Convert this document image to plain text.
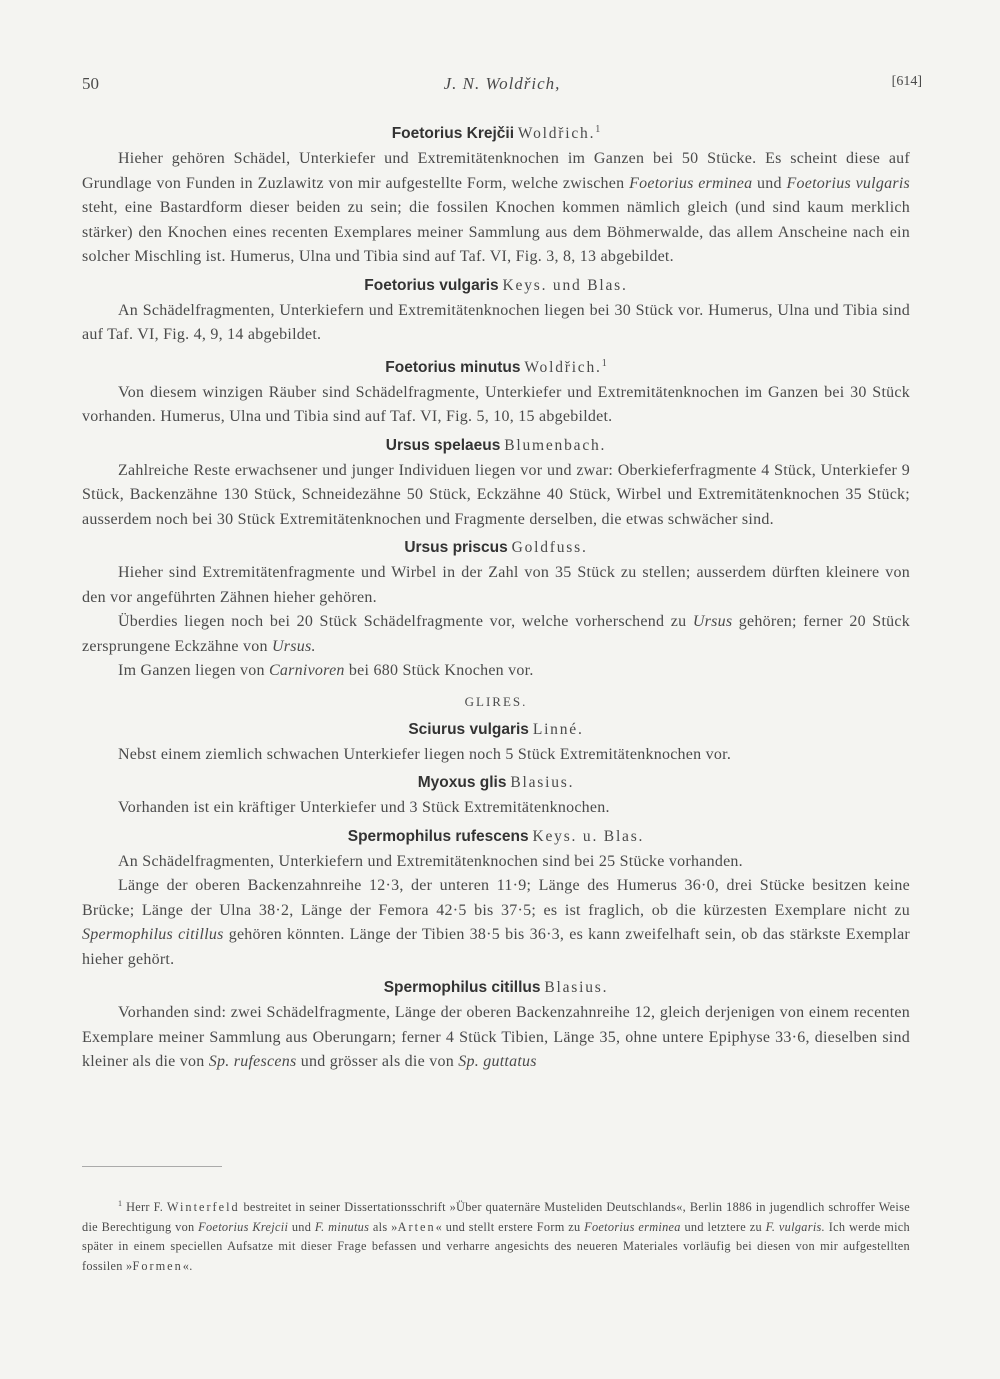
50	J. N. Woldřich,	[614]

Foetorius Krejčii Woldřich.$^1$

Hieher gehören Schädel, Unterkiefer und Extremitätenknochen im Ganzen bei 50 Stücke. Es scheint diese auf Grundlage von Funden in Zuzlawitz von mir aufgestellte Form, welche zwischen Foetorius erminea und Foetorius vulgaris steht, eine Bastardform dieser beiden zu sein; die fossilen Knochen kommen nämlich gleich (und sind kaum merklich stärker) den Knochen eines recenten Exemplares meiner Sammlung aus dem Böhmerwalde, das allem Anscheine nach ein solcher Mischling ist. Humerus, Ulna und Tibia sind auf Taf. VI, Fig. 3, 8, 13 abgebildet.

Foetorius vulgaris Keys. und Blas.

An Schädelfragmenten, Unterkiefern und Extremitätenknochen liegen bei 30 Stück vor. Humerus, Ulna und Tibia sind auf Taf. VI, Fig. 4, 9, 14 abgebildet.

Foetorius minutus Woldřich.$^1$

Von diesem winzigen Räuber sind Schädelfragmente, Unterkiefer und Extremitätenknochen im Ganzen bei 30 Stück vorhanden. Humerus, Ulna und Tibia sind auf Taf. VI, Fig. 5, 10, 15 abgebildet.

Ursus spelaeus Blumenbach.

Zahlreiche Reste erwachsener und junger Individuen liegen vor und zwar: Oberkieferfragmente 4 Stück, Unterkiefer 9 Stück, Backenzähne 130 Stück, Schneidezähne 50 Stück, Eckzähne 40 Stück, Wirbel und Extremitätenknochen 35 Stück; ausserdem noch bei 30 Stück Extremitätenknochen und Fragmente derselben, die etwas schwächer sind.

Ursus priscus Goldfuss.

Hieher sind Extremitätenfragmente und Wirbel in der Zahl von 35 Stück zu stellen; ausserdem dürften kleinere von den vor angeführten Zähnen hieher gehören.

Überdies liegen noch bei 20 Stück Schädelfragmente vor, welche vorherschend zu Ursus gehören; ferner 20 Stück zersprungene Eckzähne von Ursus.

Im Ganzen liegen von Carnivoren bei 680 Stück Knochen vor.

GLIRES.

Sciurus vulgaris Linné.

Nebst einem ziemlich schwachen Unterkiefer liegen noch 5 Stück Extremitätenknochen vor.

Myoxus glis Blasius.

Vorhanden ist ein kräftiger Unterkiefer und 3 Stück Extremitätenknochen.

Spermophilus rufescens Keys. u. Blas.

An Schädelfragmenten, Unterkiefern und Extremitätenknochen sind bei 25 Stücke vorhanden.

Länge der oberen Backenzahnreihe 12·3, der unteren 11·9; Länge des Humerus 36·0, drei Stücke besitzen keine Brücke; Länge der Ulna 38·2, Länge der Femora 42·5 bis 37·5; es ist fraglich, ob die kürzesten Exemplare nicht zu Spermophilus citillus gehören könnten. Länge der Tibien 38·5 bis 36·3, es kann zweifelhaft sein, ob das stärkste Exemplar hieher gehört.

Spermophilus citillus Blasius.

Vorhanden sind: zwei Schädelfragmente, Länge der oberen Backenzahnreihe 12, gleich derjenigen von einem recenten Exemplare meiner Sammlung aus Oberungarn; ferner 4 Stück Tibien, Länge 35, ohne untere Epiphyse 33·6, dieselben sind kleiner als die von Sp. rufescens und grösser als die von Sp. guttatus

$^1$ Herr F. Winterfeld bestreitet in seiner Dissertationsschrift »Über quaternäre Musteliden Deutschlands«, Berlin 1886 in jugendlich schroffer Weise die Berechtigung von Foetorius Krejcii und F. minutus als »Arten« und stellt erstere Form zu Foetorius erminea und letztere zu F. vulgaris. Ich werde mich später in einem speciellen Aufsatze mit dieser Frage befassen und verharre angesichts des neueren Materiales vorläufig bei diesen von mir aufgestellten fossilen »Formen«.
